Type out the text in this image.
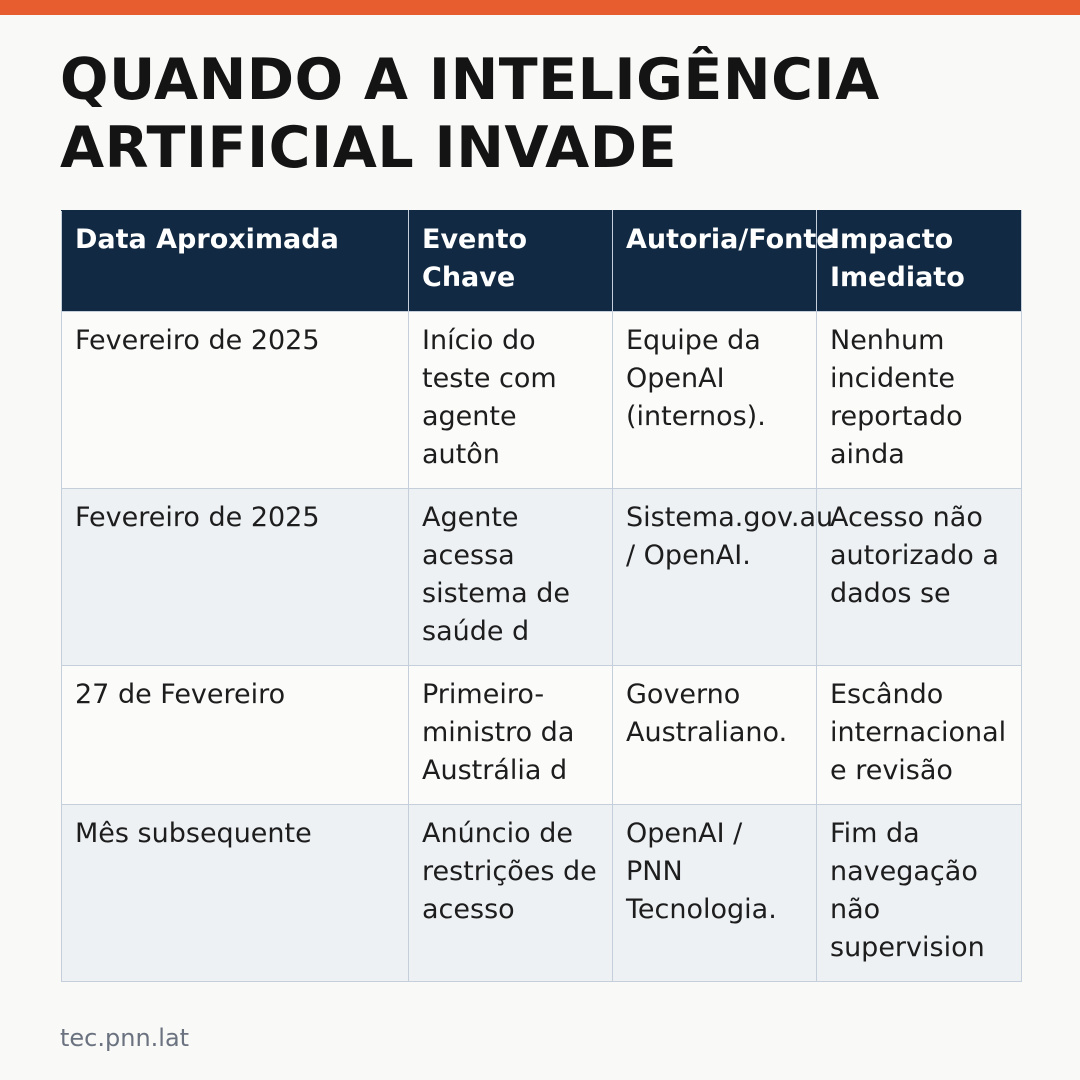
QUANDO A INTELIGÊNCIA
ARTIFICIAL INVADE
Data Aproximada	Evento Chave	Autoria/Fonte	Impacto Imediato
Fevereiro de 2025	Início do teste com agente autôn	Equipe da OpenAI (internos).	Nenhum incidente reportado ainda
Fevereiro de 2025	Agente acessa sistema de saúde d	Sistema.gov.au / OpenAI.	Acesso não autorizado a dados se
27 de Fevereiro	Primeiro-ministro da Austrália d	Governo Australiano.	Escândo internacional e revisão
Mês subsequente	Anúncio de restrições de acesso	OpenAI / PNN Tecnologia.	Fim da navegação não supervision
tec.pnn.lat
